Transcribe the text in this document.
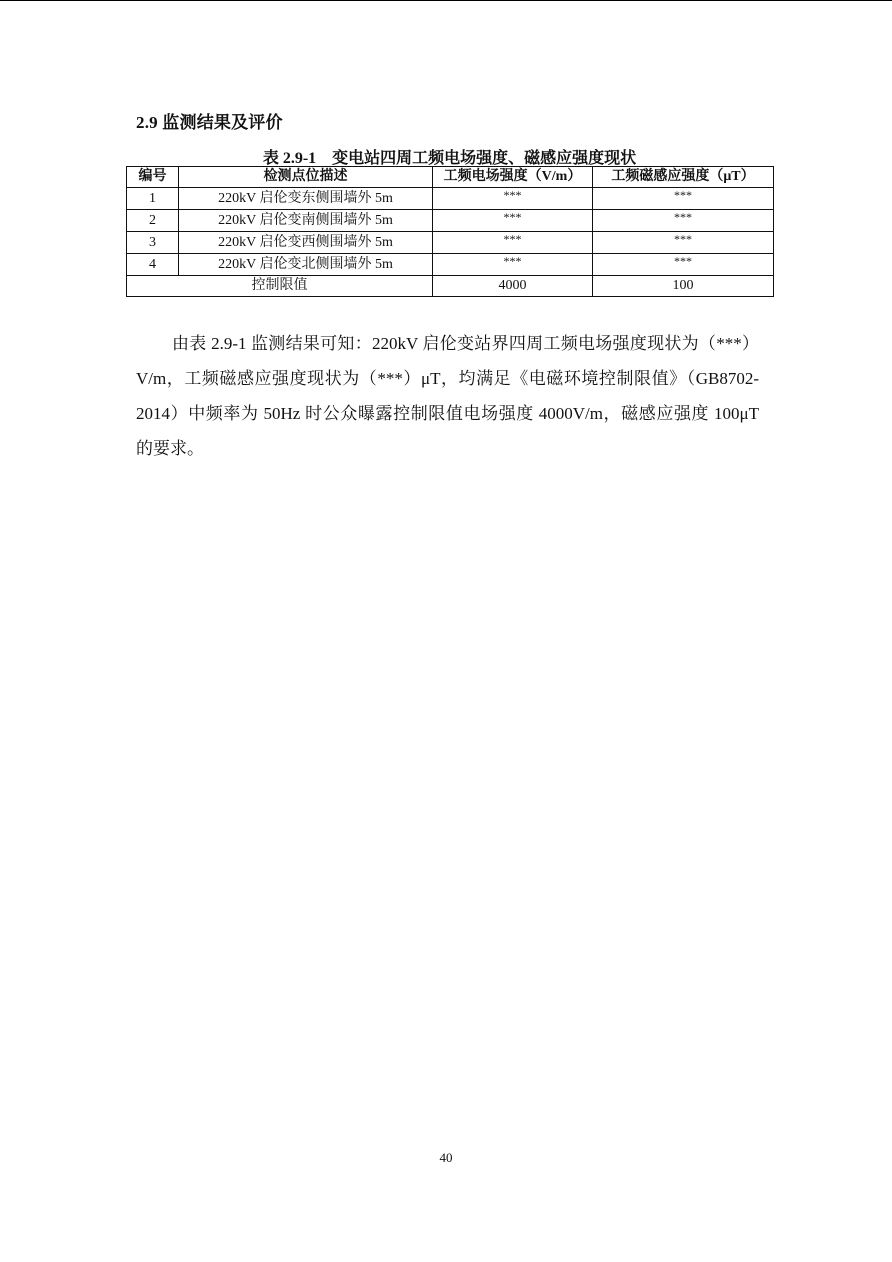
2.9 监测结果及评价
表 2.9-1　变电站四周工频电场强度、磁感应强度现状
编号	检测点位描述	工频电场强度（V/m）	工频磁感应强度（μT）
1	220kV 启伦变东侧围墙外 5m	***	***
2	220kV 启伦变南侧围墙外 5m	***	***
3	220kV 启伦变西侧围墙外 5m	***	***
4	220kV 启伦变北侧围墙外 5m	***	***
控制限值		4000	100

由表 2.9-1 监测结果可知：220kV 启伦变站界四周工频电场强度现状为（***）V/m，工频磁感应强度现状为（***）μT，均满足《电磁环境控制限值》（GB8702-2014）中频率为 50Hz 时公众曝露控制限值电场强度 4000V/m，磁感应强度 100μT 的要求。

40
